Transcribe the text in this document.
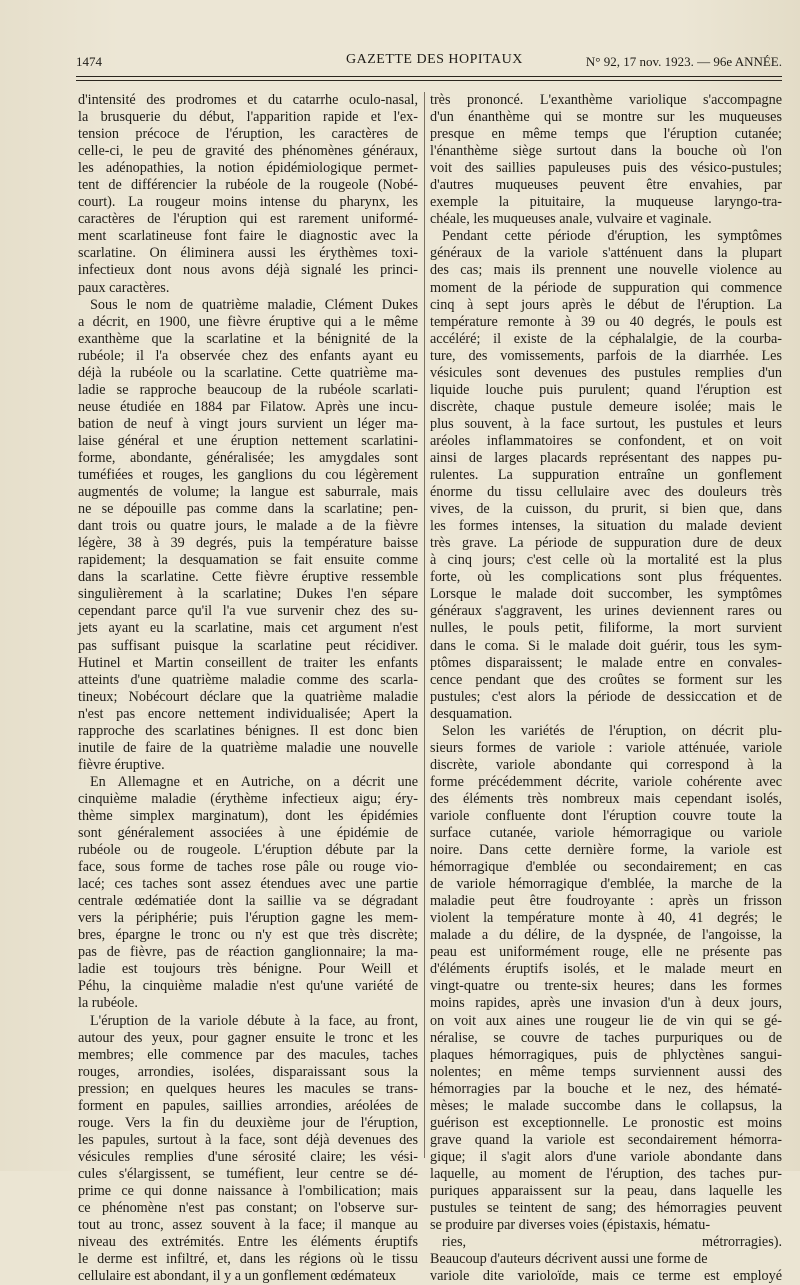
1474	GAZETTE DES HOPITAUX	N° 92, 17 nov. 1923. — 96e ANNÉE.
d'intensité des prodromes et du catarrhe oculo-nasal,
la brusquerie du début, l'apparition rapide et l'ex-
tension précoce de l'éruption, les caractères de
celle-ci, le peu de gravité des phénomènes généraux,
les adénopathies, la notion épidémiologique permet-
tent de différencier la rubéole de la rougeole (Nobé-
court). La rougeur moins intense du pharynx, les
caractères de l'éruption qui est rarement uniformé-
ment scarlatineuse font faire le diagnostic avec la
scarlatine. On éliminera aussi les érythèmes toxi-
infectieux dont nous avons déjà signalé les princi-
paux caractères.
Sous le nom de quatrième maladie, Clément Dukes
a décrit, en 1900, une fièvre éruptive qui a le même
exanthème que la scarlatine et la bénignité de la
rubéole; il l'a observée chez des enfants ayant eu
déjà la rubéole ou la scarlatine. Cette quatrième ma-
ladie se rapproche beaucoup de la rubéole scarlati-
neuse étudiée en 1884 par Filatow. Après une incu-
bation de neuf à vingt jours survient un léger ma-
laise général et une éruption nettement scarlatini-
forme, abondante, généralisée; les amygdales sont
tuméfiées et rouges, les ganglions du cou légèrement
augmentés de volume; la langue est saburrale, mais
ne se dépouille pas comme dans la scarlatine; pen-
dant trois ou quatre jours, le malade a de la fièvre
légère, 38 à 39 degrés, puis la température baisse
rapidement; la desquamation se fait ensuite comme
dans la scarlatine. Cette fièvre éruptive ressemble
singulièrement à la scarlatine; Dukes l'en sépare
cependant parce qu'il l'a vue survenir chez des su-
jets ayant eu la scarlatine, mais cet argument n'est
pas suffisant puisque la scarlatine peut récidiver.
Hutinel et Martin conseillent de traiter les enfants
atteints d'une quatrième maladie comme des scarla-
tineux; Nobécourt déclare que la quatrième maladie
n'est pas encore nettement individualisée; Apert la
rapproche des scarlatines bénignes. Il est donc bien
inutile de faire de la quatrième maladie une nouvelle
fièvre éruptive.
En Allemagne et en Autriche, on a décrit une
cinquième maladie (érythème infectieux aigu; éry-
thème simplex marginatum), dont les épidémies
sont généralement associées à une épidémie de
rubéole ou de rougeole. L'éruption débute par la
face, sous forme de taches rose pâle ou rouge vio-
lacé; ces taches sont assez étendues avec une partie
centrale œdématiée dont la saillie va se dégradant
vers la périphérie; puis l'éruption gagne les mem-
bres, épargne le tronc ou n'y est que très discrète;
pas de fièvre, pas de réaction ganglionnaire; la ma-
ladie est toujours très bénigne. Pour Weill et
Péhu, la cinquième maladie n'est qu'une variété de
la rubéole.
L'éruption de la variole débute à la face, au front,
autour des yeux, pour gagner ensuite le tronc et les
membres; elle commence par des macules, taches
rouges, arrondies, isolées, disparaissant sous la
pression; en quelques heures les macules se trans-
forment en papules, saillies arrondies, aréolées de
rouge. Vers la fin du deuxième jour de l'éruption,
les papules, surtout à la face, sont déjà devenues des
vésicules remplies d'une sérosité claire; les vési-
cules s'élargissent, se tuméfient, leur centre se dé-
prime ce qui donne naissance à l'ombilication; mais
ce phénomène n'est pas constant; on l'observe sur-
tout au tronc, assez souvent à la face; il manque au
niveau des extrémités. Entre les éléments éruptifs
le derme est infiltré, et, dans les régions où le tissu
cellulaire est abondant, il y a un gonflement œdémateux
très prononcé. L'exanthème variolique s'accompagne
d'un énanthème qui se montre sur les muqueuses
presque en même temps que l'éruption cutanée;
l'énanthème siège surtout dans la bouche où l'on
voit des saillies papuleuses puis des vésico-pustules;
d'autres muqueuses peuvent être envahies, par
exemple la pituitaire, la muqueuse laryngo-tra-
chéale, les muqueuses anale, vulvaire et vaginale.
Pendant cette période d'éruption, les symptômes
généraux de la variole s'atténuent dans la plupart
des cas; mais ils prennent une nouvelle violence au
moment de la période de suppuration qui commence
cinq à sept jours après le début de l'éruption. La
température remonte à 39 ou 40 degrés, le pouls est
accéléré; il existe de la céphalalgie, de la courba-
ture, des vomissements, parfois de la diarrhée. Les
vésicules sont devenues des pustules remplies d'un
liquide louche puis purulent; quand l'éruption est
discrète, chaque pustule demeure isolée; mais le
plus souvent, à la face surtout, les pustules et leurs
aréoles inflammatoires se confondent, et on voit
ainsi de larges placards représentant des nappes pu-
rulentes. La suppuration entraîne un gonflement
énorme du tissu cellulaire avec des douleurs très
vives, de la cuisson, du prurit, si bien que, dans
les formes intenses, la situation du malade devient
très grave. La période de suppuration dure de deux
à cinq jours; c'est celle où la mortalité est la plus
forte, où les complications sont plus fréquentes.
Lorsque le malade doit succomber, les symptômes
généraux s'aggravent, les urines deviennent rares ou
nulles, le pouls petit, filiforme, la mort survient
dans le coma. Si le malade doit guérir, tous les sym-
ptômes disparaissent; le malade entre en convales-
cence pendant que des croûtes se forment sur les
pustules; c'est alors la période de dessiccation et de
desquamation.
Selon les variétés de l'éruption, on décrit plu-
sieurs formes de variole : variole atténuée, variole
discrète, variole abondante qui correspond à la
forme précédemment décrite, variole cohérente avec
des éléments très nombreux mais cependant isolés,
variole confluente dont l'éruption couvre toute la
surface cutanée, variole hémorragique ou variole
noire. Dans cette dernière forme, la variole est
hémorragique d'emblée ou secondairement; en cas
de variole hémorragique d'emblée, la marche de la
maladie peut être foudroyante : après un frisson
violent la température monte à 40, 41 degrés; le
malade a du délire, de la dyspnée, de l'angoisse, la
peau est uniformément rouge, elle ne présente pas
d'éléments éruptifs isolés, et le malade meurt en
vingt-quatre ou trente-six heures; dans les formes
moins rapides, après une invasion d'un à deux jours,
on voit aux aines une rougeur lie de vin qui se gé-
néralise, se couvre de taches purpuriques ou de
plaques hémorragiques, puis de phlyctènes sangui-
nolentes; en même temps surviennent aussi des
hémorragies par la bouche et le nez, des hématé-
mèses; le malade succombe dans le collapsus, la
guérison est exceptionnelle. Le pronostic est moins
grave quand la variole est secondairement hémorra-
gique; il s'agit alors d'une variole abondante dans
laquelle, au moment de l'éruption, des taches pur-
puriques apparaissent sur la peau, dans laquelle les
pustules se teintent de sang; des hémorragies peuvent
se produire par diverses voies (épistaxis, hématu-
ries, métrorragies).
Beaucoup d'auteurs décrivent aussi une forme de
variole dite varioloïde, mais ce terme est employé
